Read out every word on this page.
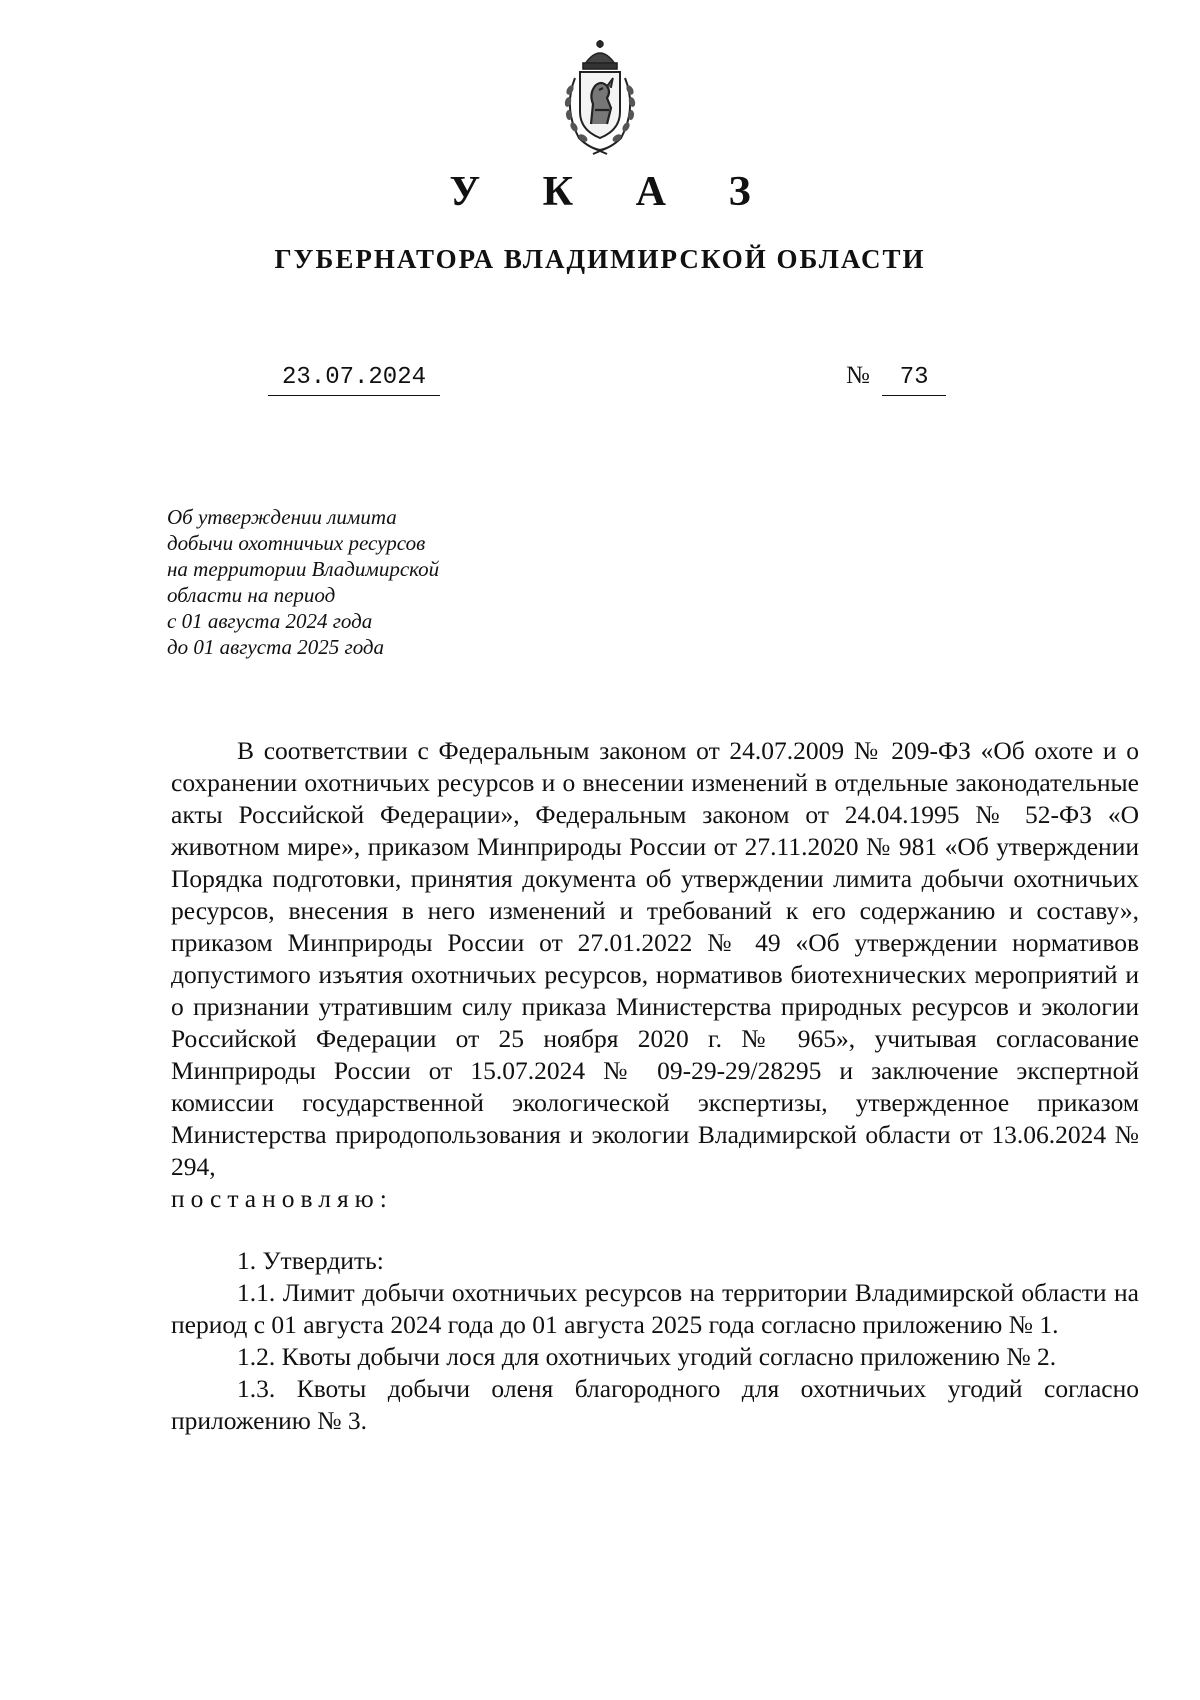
У К А З
ГУБЕРНАТОРА ВЛАДИМИРСКОЙ ОБЛАСТИ
23.07.2024	№ 73
Об утверждении лимита
добычи охотничьих ресурсов
на территории Владимирской
области на период
с 01 августа 2024 года
до 01 августа 2025 года

В соответствии с Федеральным законом от 24.07.2009 № 209-ФЗ «Об охоте и о сохранении охотничьих ресурсов и о внесении изменений в отдельные законодательные акты Российской Федерации», Федеральным законом от 24.04.1995 № 52-ФЗ «О животном мире», приказом Минприроды России от 27.11.2020 № 981 «Об утверждении Порядка подготовки, принятия документа об утверждении лимита добычи охотничьих ресурсов, внесения в него изменений и требований к его содержанию и составу», приказом Минприроды России от 27.01.2022 № 49 «Об утверждении нормативов допустимого изъятия охотничьих ресурсов, нормативов биотехнических мероприятий и о признании утратившим силу приказа Министерства природных ресурсов и экологии Российской Федерации от 25 ноября 2020 г. № 965», учитывая согласование Минприроды России от 15.07.2024 № 09-29-29/28295 и заключение экспертной комиссии государственной экологической экспертизы, утвержденное приказом Министерства природопользования и экологии Владимирской области от 13.06.2024 № 294,

постановляю:

1. Утвердить:

1.1. Лимит добычи охотничьих ресурсов на территории Владимирской области на период с 01 августа 2024 года до 01 августа 2025 года согласно приложению № 1.

1.2. Квоты добычи лося для охотничьих угодий согласно приложению № 2.

1.3. Квоты добычи оленя благородного для охотничьих угодий согласно приложению № 3.
